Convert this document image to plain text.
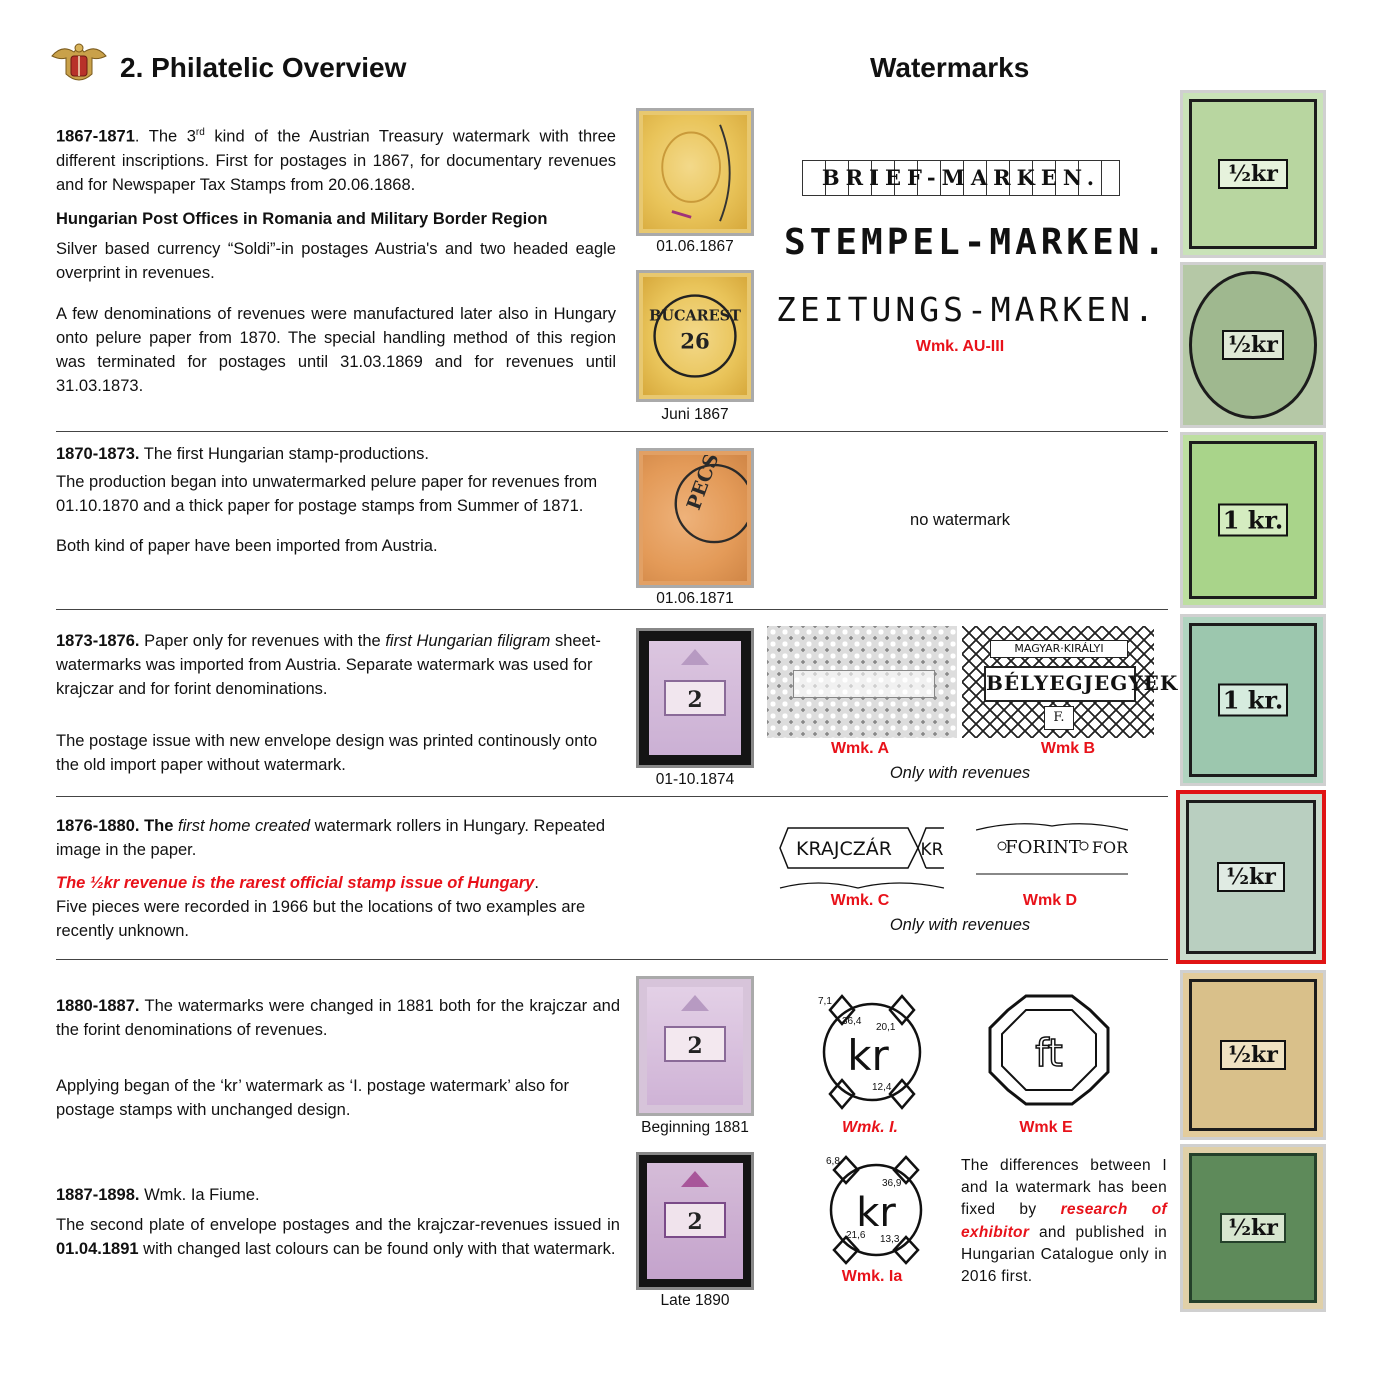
2. Philatelic Overview	Watermarks

1867-1871. The 3rd kind of the Austrian Treasury watermark with three different inscriptions. First for postages in 1867, for documentary revenues and for Newspaper Tax Stamps from 20.06.1868.

Hungarian Post Offices in Romania and Military Border Region

Silver based currency “Soldi”-in postages Austria's and two headed eagle overprint in revenues.

A few denominations of revenues were manufactured later also in Hungary onto pelure paper from 1870. The special handling method of this region was terminated for postages until 31.03.1869 and for revenues until 31.03.1873.

01.06.1867
BUCAREST
26
Juni 1867
BRIEF-MARKEN.
STEMPEL-MARKEN.
ZEITUNGS-MARKEN.
Wmk. AU-III

1870-1873. The first Hungarian stamp-productions.

The production began into unwatermarked pelure paper for revenues from 01.10.1870 and a thick paper for postage stamps from Summer of 1871.

Both kind of paper have been imported from Austria.

PECS
01.06.1871
no watermark

1873-1876. Paper only for revenues with the first Hungarian filigram sheet-watermarks was imported from Austria. Separate watermark was used for krajczar and for forint denominations.

The postage issue with new envelope design was printed continously onto the old import paper without watermark.

2
01-10.1874
MAGYAR·KIRÁLYI
BÉLYEGJEGYEK
F.
Wmk. A	Wmk B
Only with revenues

1876-1880. The first home created watermark rollers in Hungary. Repeated image in the paper.

The ½kr revenue is the rarest official stamp issue of Hungary.

Five pieces were recorded in 1966 but the locations of two examples are recently unknown.

KRAJCZÁR KR	FORINT FOR
Wmk. C	Wmk D
Only with revenues

1880-1887. The watermarks were changed in 1881 both for the krajczar and the forint denominations of revenues.

Applying began of the ‘kr’ watermark as ‘I. postage watermark’ also for postage stamps with unchanged design.

2
Beginning 1881
kr
7,1
36,4
20,1
12,4
ft
Wmk. I.	Wmk E

1887-1898. Wmk. Ia Fiume.

The second plate of envelope postages and the krajczar-revenues issued in 01.04.1891 with changed last colours can be found only with that watermark.

2
Late 1890
kr
6,8
36,9
21,6 13,3
Wmk. Ia
The differences between I and Ia watermark has been fixed by research of exhibitor and published in Hungarian Catalogue only in 2016 first.
½kr
½kr
1 kr.
1 kr.
½kr
½kr
½kr
